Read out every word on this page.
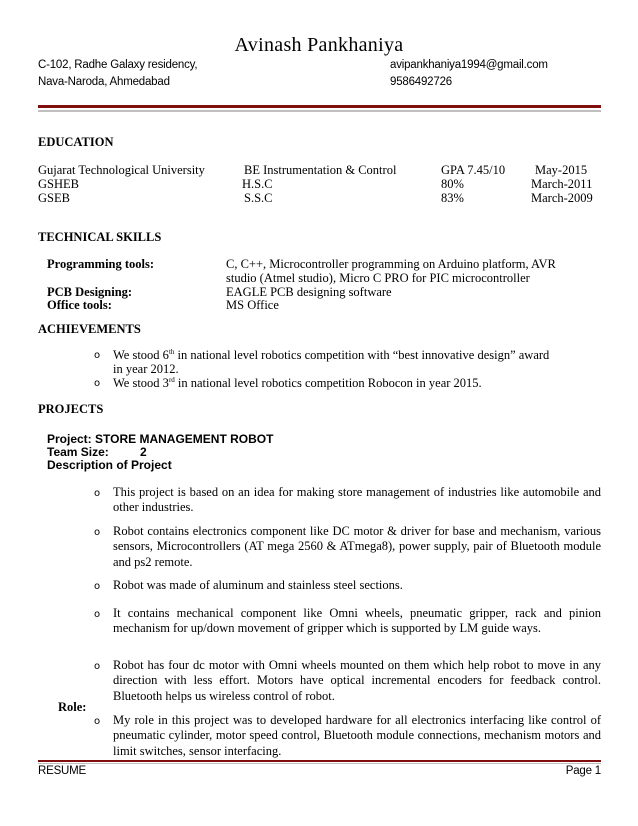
Avinash Pankhaniya
C-102, Radhe Galaxy residency,
Nava-Naroda, Ahmedabad
avipankhaniya1994@gmail.com
9586492726
EDUCATION
Gujarat Technological University	BE Instrumentation & Control	GPA 7.45/10 May-2015
GSHEB	H.S.C	80%	March-2011
GSEB	S.S.C	83%	March-2009
TECHNICAL SKILLS
Programming tools:	C, C++, Microcontroller programming on Arduino platform, AVR
studio (Atmel studio), Micro C PRO for PIC microcontroller
PCB Designing:	EAGLE PCB designing software
Office tools:	MS Office
ACHIEVEMENTS
o We stood 6th in national level robotics competition with “best innovative design” award
in year 2012.
o We stood 3rd in national level robotics competition Robocon in year 2015.
PROJECTS
Project: STORE MANAGEMENT ROBOT
Team Size:	2
Description of Project
o This project is based on an idea for making store management of industries like automobile and other industries.
o Robot contains electronics component like DC motor & driver for base and mechanism, various sensors, Microcontrollers (AT mega 2560 & ATmega8), power supply, pair of Bluetooth module and ps2 remote.
o Robot was made of aluminum and stainless steel sections.
o It contains mechanical component like Omni wheels, pneumatic gripper, rack and pinion mechanism for up/down movement of gripper which is supported by LM guide ways.
o Robot has four dc motor with Omni wheels mounted on them which help robot to move in any direction with less effort. Motors have optical incremental encoders for feedback control. Bluetooth helps us wireless control of robot.
Role:
o My role in this project was to developed hardware for all electronics interfacing like control of pneumatic cylinder, motor speed control, Bluetooth module connections, mechanism motors and limit switches, sensor interfacing.
RESUME	Page 1
